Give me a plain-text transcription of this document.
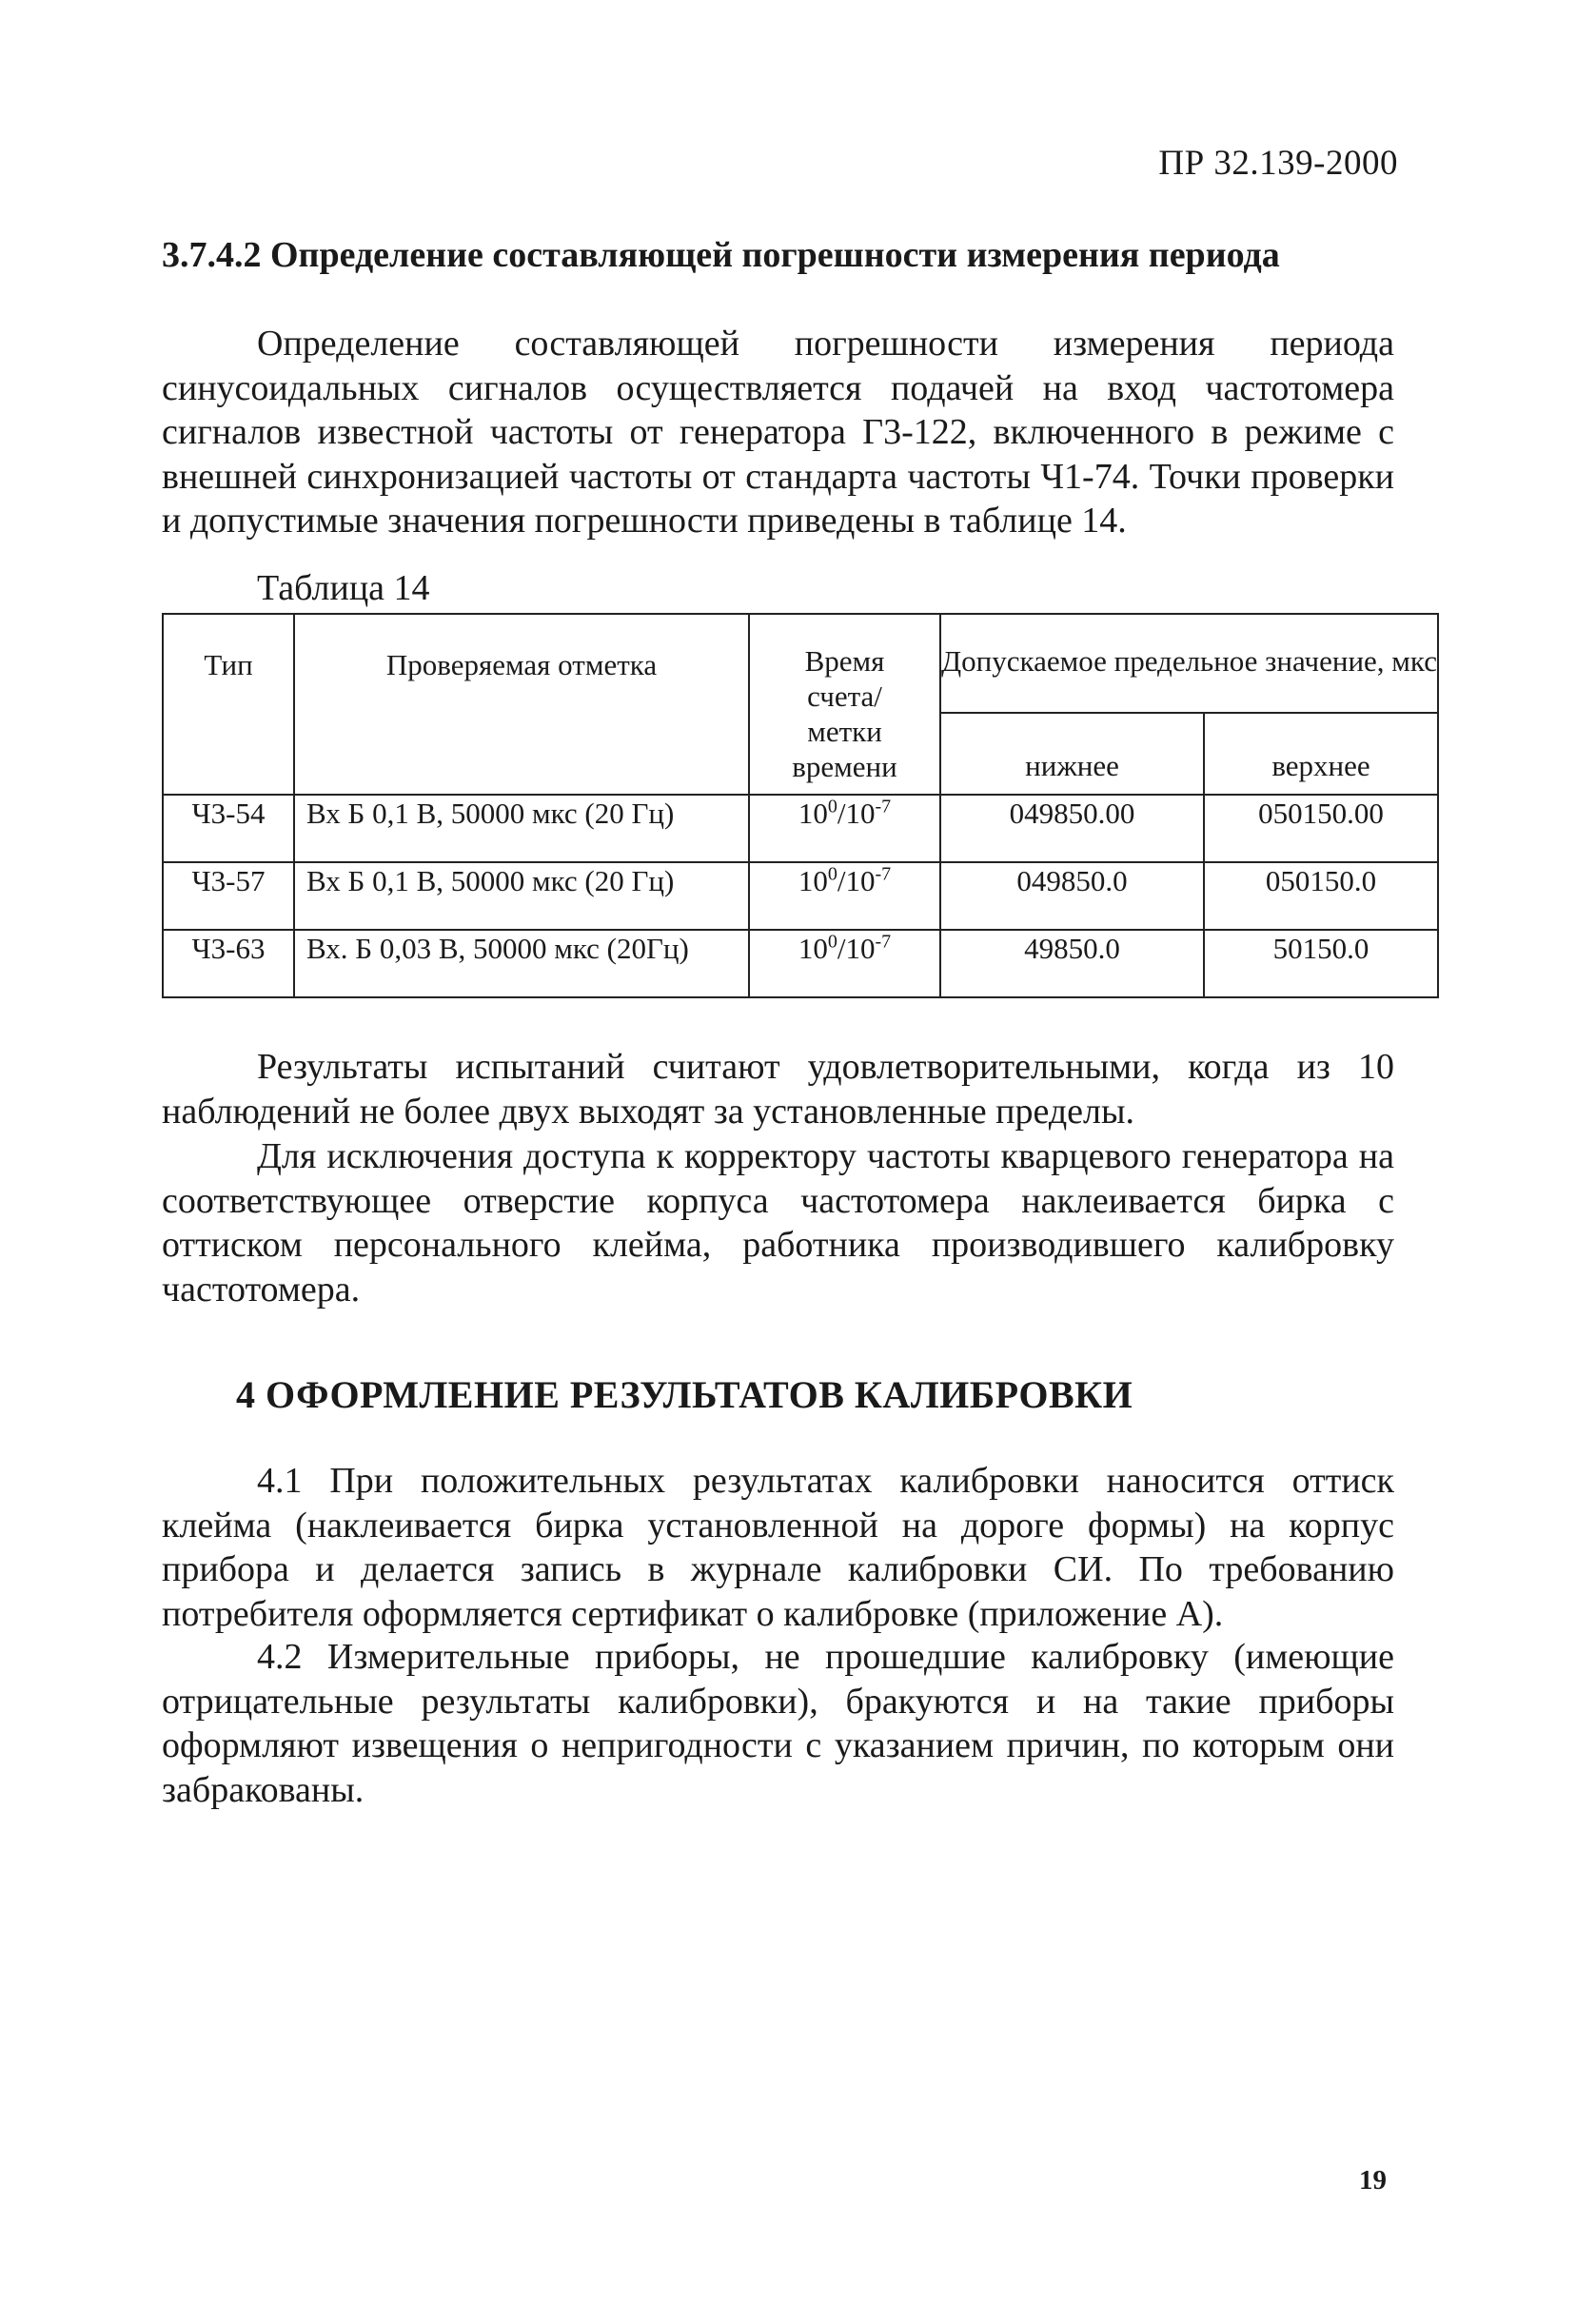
ПР 32.139-2000
3.7.4.2 Определение составляющей погрешности измерения периода
Определение составляющей погрешности измерения периода синусоидальных сигналов осуществляется подачей на вход частотомера сигналов известной частоты от генератора Г3-122, включенного в режиме с внешней синхронизацией частоты от стандарта частоты Ч1-74. Точки проверки и допустимые значения погрешности приведены в таблице 14.
Таблица 14
Тип	Проверяемая отметка	Время счета/ метки времени	Допускаемое предельное значение, мкс	
			нижнее	верхнее
Ч3-54	Вх Б 0,1 В, 50000 мкс (20 Гц)	$10^0/10^{-7}$	049850.00	050150.00
Ч3-57	Вх Б 0,1 В, 50000 мкс (20 Гц)	$10^0/10^{-7}$	049850.0	050150.0
Ч3-63	Вх. Б 0,03 В, 50000 мкс (20Гц)	$10^0/10^{-7}$	49850.0	50150.0
Результаты испытаний считают удовлетворительными, когда из 10 наблюдений не более двух выходят за установленные пределы.
Для исключения доступа к корректору частоты кварцевого генератора на соответствующее отверстие корпуса частотомера наклеивается бирка с оттиском персонального клейма, работника производившего калибровку частотомера.
4 ОФОРМЛЕНИЕ РЕЗУЛЬТАТОВ КАЛИБРОВКИ
4.1 При положительных результатах калибровки наносится оттиск клейма (наклеивается бирка установленной на дороге формы) на корпус прибора и делается запись в журнале калибровки СИ. По требованию потребителя оформляется сертификат о калибровке (приложение А).
4.2 Измерительные приборы, не прошедшие калибровку (имеющие отрицательные результаты калибровки), бракуются и на такие приборы оформляют извещения о непригодности с указанием причин, по которым они забракованы.
19
